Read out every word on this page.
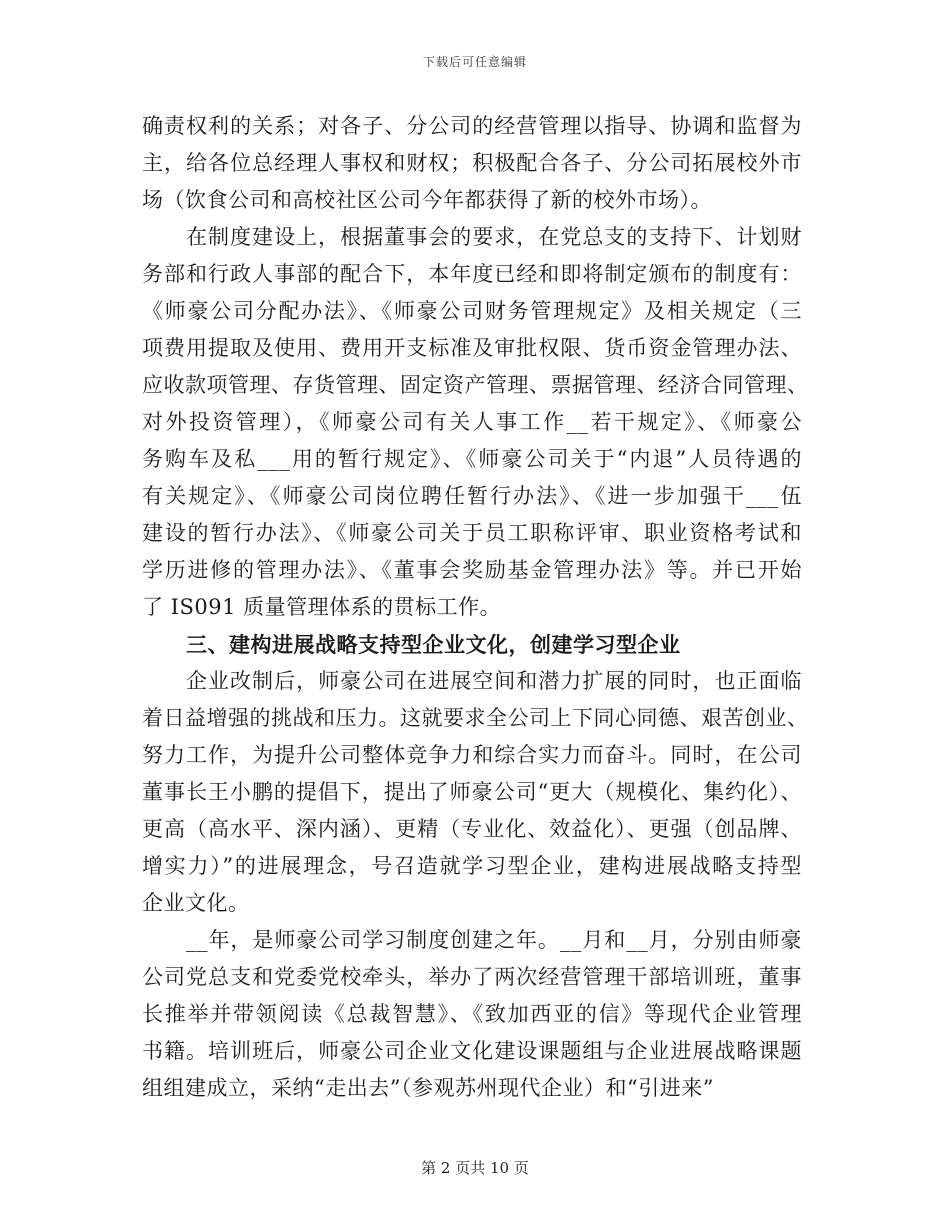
下载后可任意编辑
确责权利的关系；对各子、分公司的经营管理以指导、协调和监督为
主，给各位总经理人事权和财权；积极配合各子、分公司拓展校外市
场（饮食公司和高校社区公司今年都获得了新的校外市场）。
在制度建设上，根据董事会的要求，在党总支的支持下、计划财
务部和行政人事部的配合下，本年度已经和即将制定颁布的制度有：
《师豪公司分配办法》、《师豪公司财务管理规定》及相关规定（三
项费用提取及使用、费用开支标准及审批权限、货币资金管理办法、
应收款项管理、存货管理、固定资产管理、票据管理、经济合同管理、
对外投资管理），《师豪公司有关人事工作__若干规定》、《师豪公
务购车及私___用的暂行规定》、《师豪公司关于“内退”人员待遇的
有关规定》、《师豪公司岗位聘任暂行办法》、《进一步加强干___伍
建设的暂行办法》、《师豪公司关于员工职称评审、职业资格考试和
学历进修的管理办法》、《董事会奖励基金管理办法》等。并已开始
了 IS091 质量管理体系的贯标工作。
三、建构进展战略支持型企业文化，创建学习型企业
企业改制后，师豪公司在进展空间和潜力扩展的同时，也正面临
着日益增强的挑战和压力。这就要求全公司上下同心同德、艰苦创业、
努力工作，为提升公司整体竞争力和综合实力而奋斗。同时，在公司
董事长王小鹏的提倡下，提出了师豪公司“更大（规模化、集约化）、
更高（高水平、深内涵）、更精（专业化、效益化）、更强（创品牌、
增实力）”的进展理念，号召造就学习型企业，建构进展战略支持型
企业文化。
__年，是师豪公司学习制度创建之年。__月和__月，分别由师豪
公司党总支和党委党校牵头，举办了两次经营管理干部培训班，董事
长推举并带领阅读《总裁智慧》、《致加西亚的信》等现代企业管理
书籍。培训班后，师豪公司企业文化建设课题组与企业进展战略课题
组组建成立，采纳“走出去”（参观苏州现代企业）和“引进来”
第 2 页共 10 页
